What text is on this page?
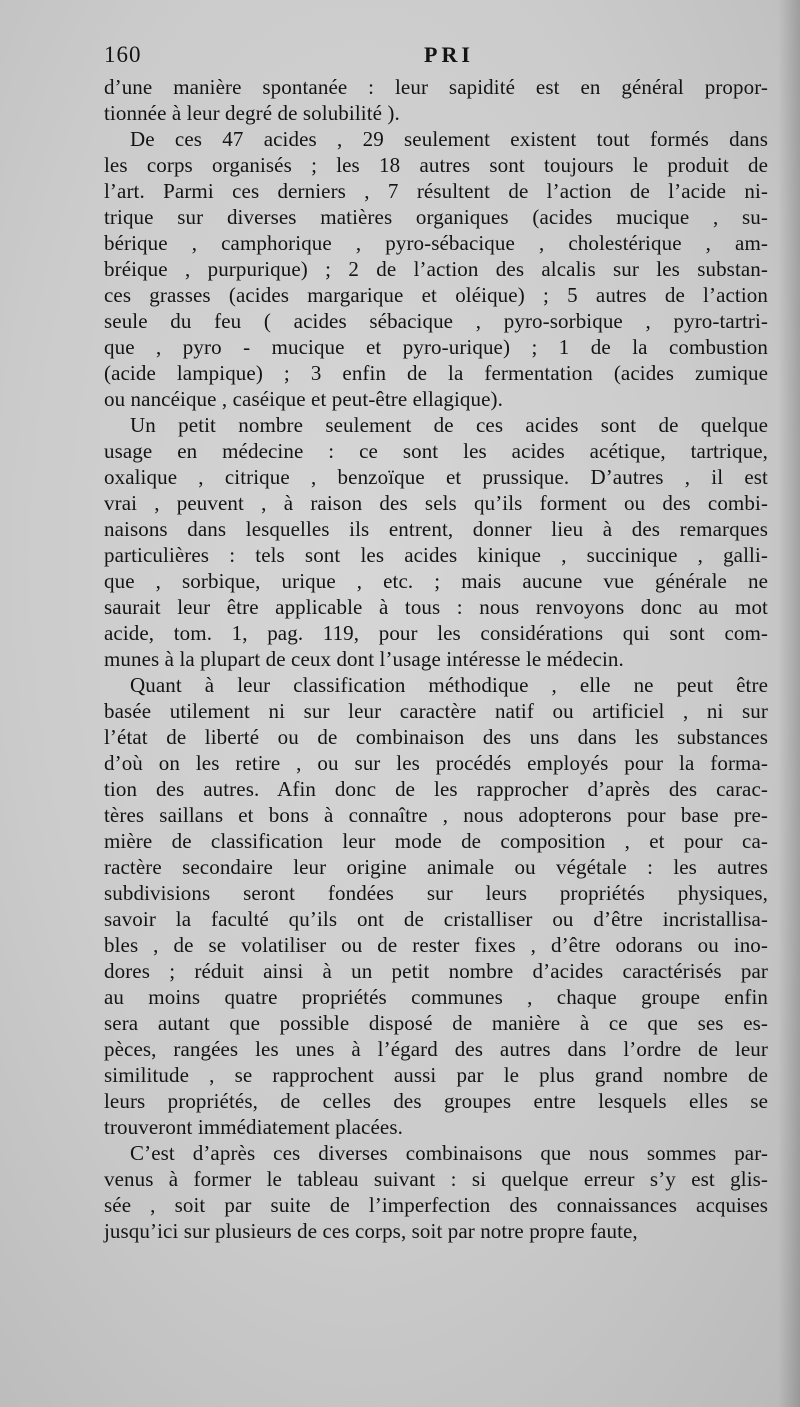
160	PRI
d’une manière spontanée : leur sapidité est en général propor-
tionnée à leur degré de solubilité ).
De ces 47 acides , 29 seulement existent tout formés dans
les corps organisés ; les 18 autres sont toujours le produit de
l’art. Parmi ces derniers , 7 résultent de l’action de l’acide ni-
trique sur diverses matières organiques (acides mucique , su-
bérique , camphorique , pyro-sébacique , cholestérique , am-
bréique , purpurique) ; 2 de l’action des alcalis sur les substan-
ces grasses (acides margarique et oléique) ; 5 autres de l’action
seule du feu ( acides sébacique , pyro-sorbique , pyro-tartri-
que , pyro - mucique et pyro-urique) ; 1 de la combustion
(acide lampique) ; 3 enfin de la fermentation (acides zumique
ou nancéique , caséique et peut-être ellagique).
Un petit nombre seulement de ces acides sont de quelque
usage en médecine : ce sont les acides acétique, tartrique,
oxalique , citrique , benzoïque et prussique. D’autres , il est
vrai , peuvent , à raison des sels qu’ils forment ou des combi-
naisons dans lesquelles ils entrent, donner lieu à des remarques
particulières : tels sont les acides kinique , succinique , galli-
que , sorbique, urique , etc. ; mais aucune vue générale ne
saurait leur être applicable à tous : nous renvoyons donc au mot
acide, tom. 1, pag. 119, pour les considérations qui sont com-
munes à la plupart de ceux dont l’usage intéresse le médecin.
Quant à leur classification méthodique , elle ne peut être
basée utilement ni sur leur caractère natif ou artificiel , ni sur
l’état de liberté ou de combinaison des uns dans les substances
d’où on les retire , ou sur les procédés employés pour la forma-
tion des autres. Afin donc de les rapprocher d’après des carac-
tères saillans et bons à connaître , nous adopterons pour base pre-
mière de classification leur mode de composition , et pour ca-
ractère secondaire leur origine animale ou végétale : les autres
subdivisions seront fondées sur leurs propriétés physiques,
savoir la faculté qu’ils ont de cristalliser ou d’être incristallisa-
bles , de se volatiliser ou de rester fixes , d’être odorans ou ino-
dores ; réduit ainsi à un petit nombre d’acides caractérisés par
au moins quatre propriétés communes , chaque groupe enfin
sera autant que possible disposé de manière à ce que ses es-
pèces, rangées les unes à l’égard des autres dans l’ordre de leur
similitude , se rapprochent aussi par le plus grand nombre de
leurs propriétés, de celles des groupes entre lesquels elles se
trouveront immédiatement placées.
C’est d’après ces diverses combinaisons que nous sommes par-
venus à former le tableau suivant : si quelque erreur s’y est glis-
sée , soit par suite de l’imperfection des connaissances acquises
jusqu’ici sur plusieurs de ces corps, soit par notre propre faute,
